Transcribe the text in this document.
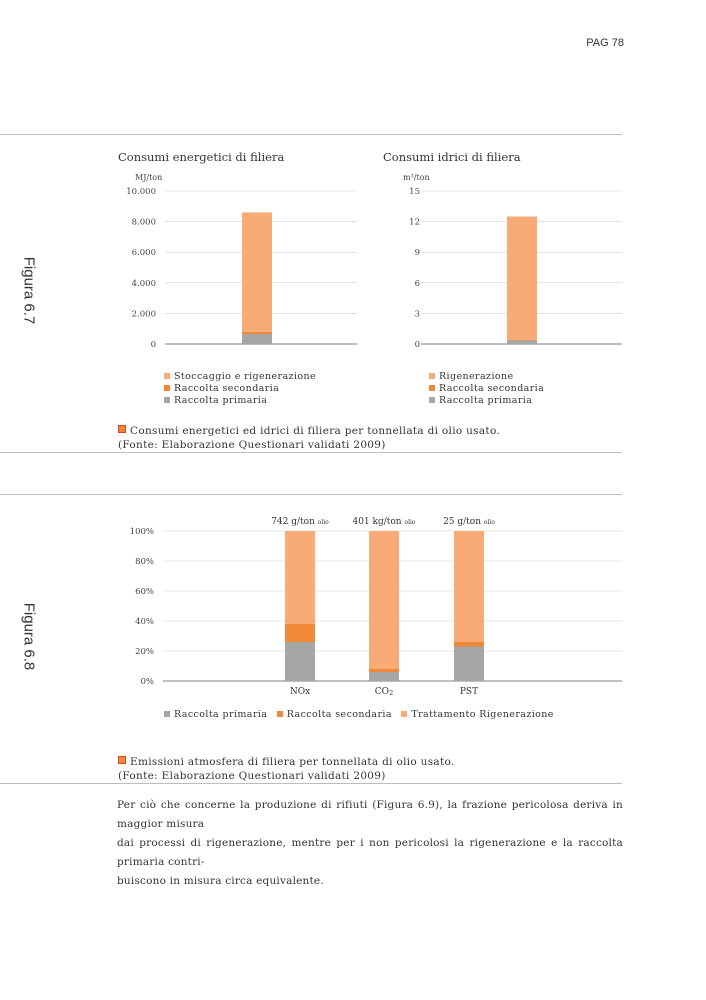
PAG 78
Figura 6.7
Consumi energetici di filiera
MJ/ton
0
2.000
4.000
6.000
8.000
10.000
Stoccaggio e rigenerazione
Raccolta secondaria
Raccolta primaria
Consumi idrici di filiera
m³/ton
0
3
6
9
12
15
Rigenerazione
Raccolta secondaria
Raccolta primaria
Consumi energetici ed idrici di filiera per tonnellata di olio usato.
(Fonte: Elaborazione Questionari validati 2009)
Figura 6.8
0%
20%
40%
60%
80%
100%
742 g/ton olio	401 kg/ton olio	25 g/ton olio
NOx	CO2	PST
Raccolta primaria Raccolta secondaria Trattamento Rigenerazione
Emissioni atmosfera di filiera per tonnellata di olio usato.
(Fonte: Elaborazione Questionari validati 2009)
Per ciò che concerne la produzione di rifiuti (Figura 6.9), la frazione pericolosa deriva in maggior misura
dai processi di rigenerazione, mentre per i non pericolosi la rigenerazione e la raccolta primaria contri-
buiscono in misura circa equivalente.
